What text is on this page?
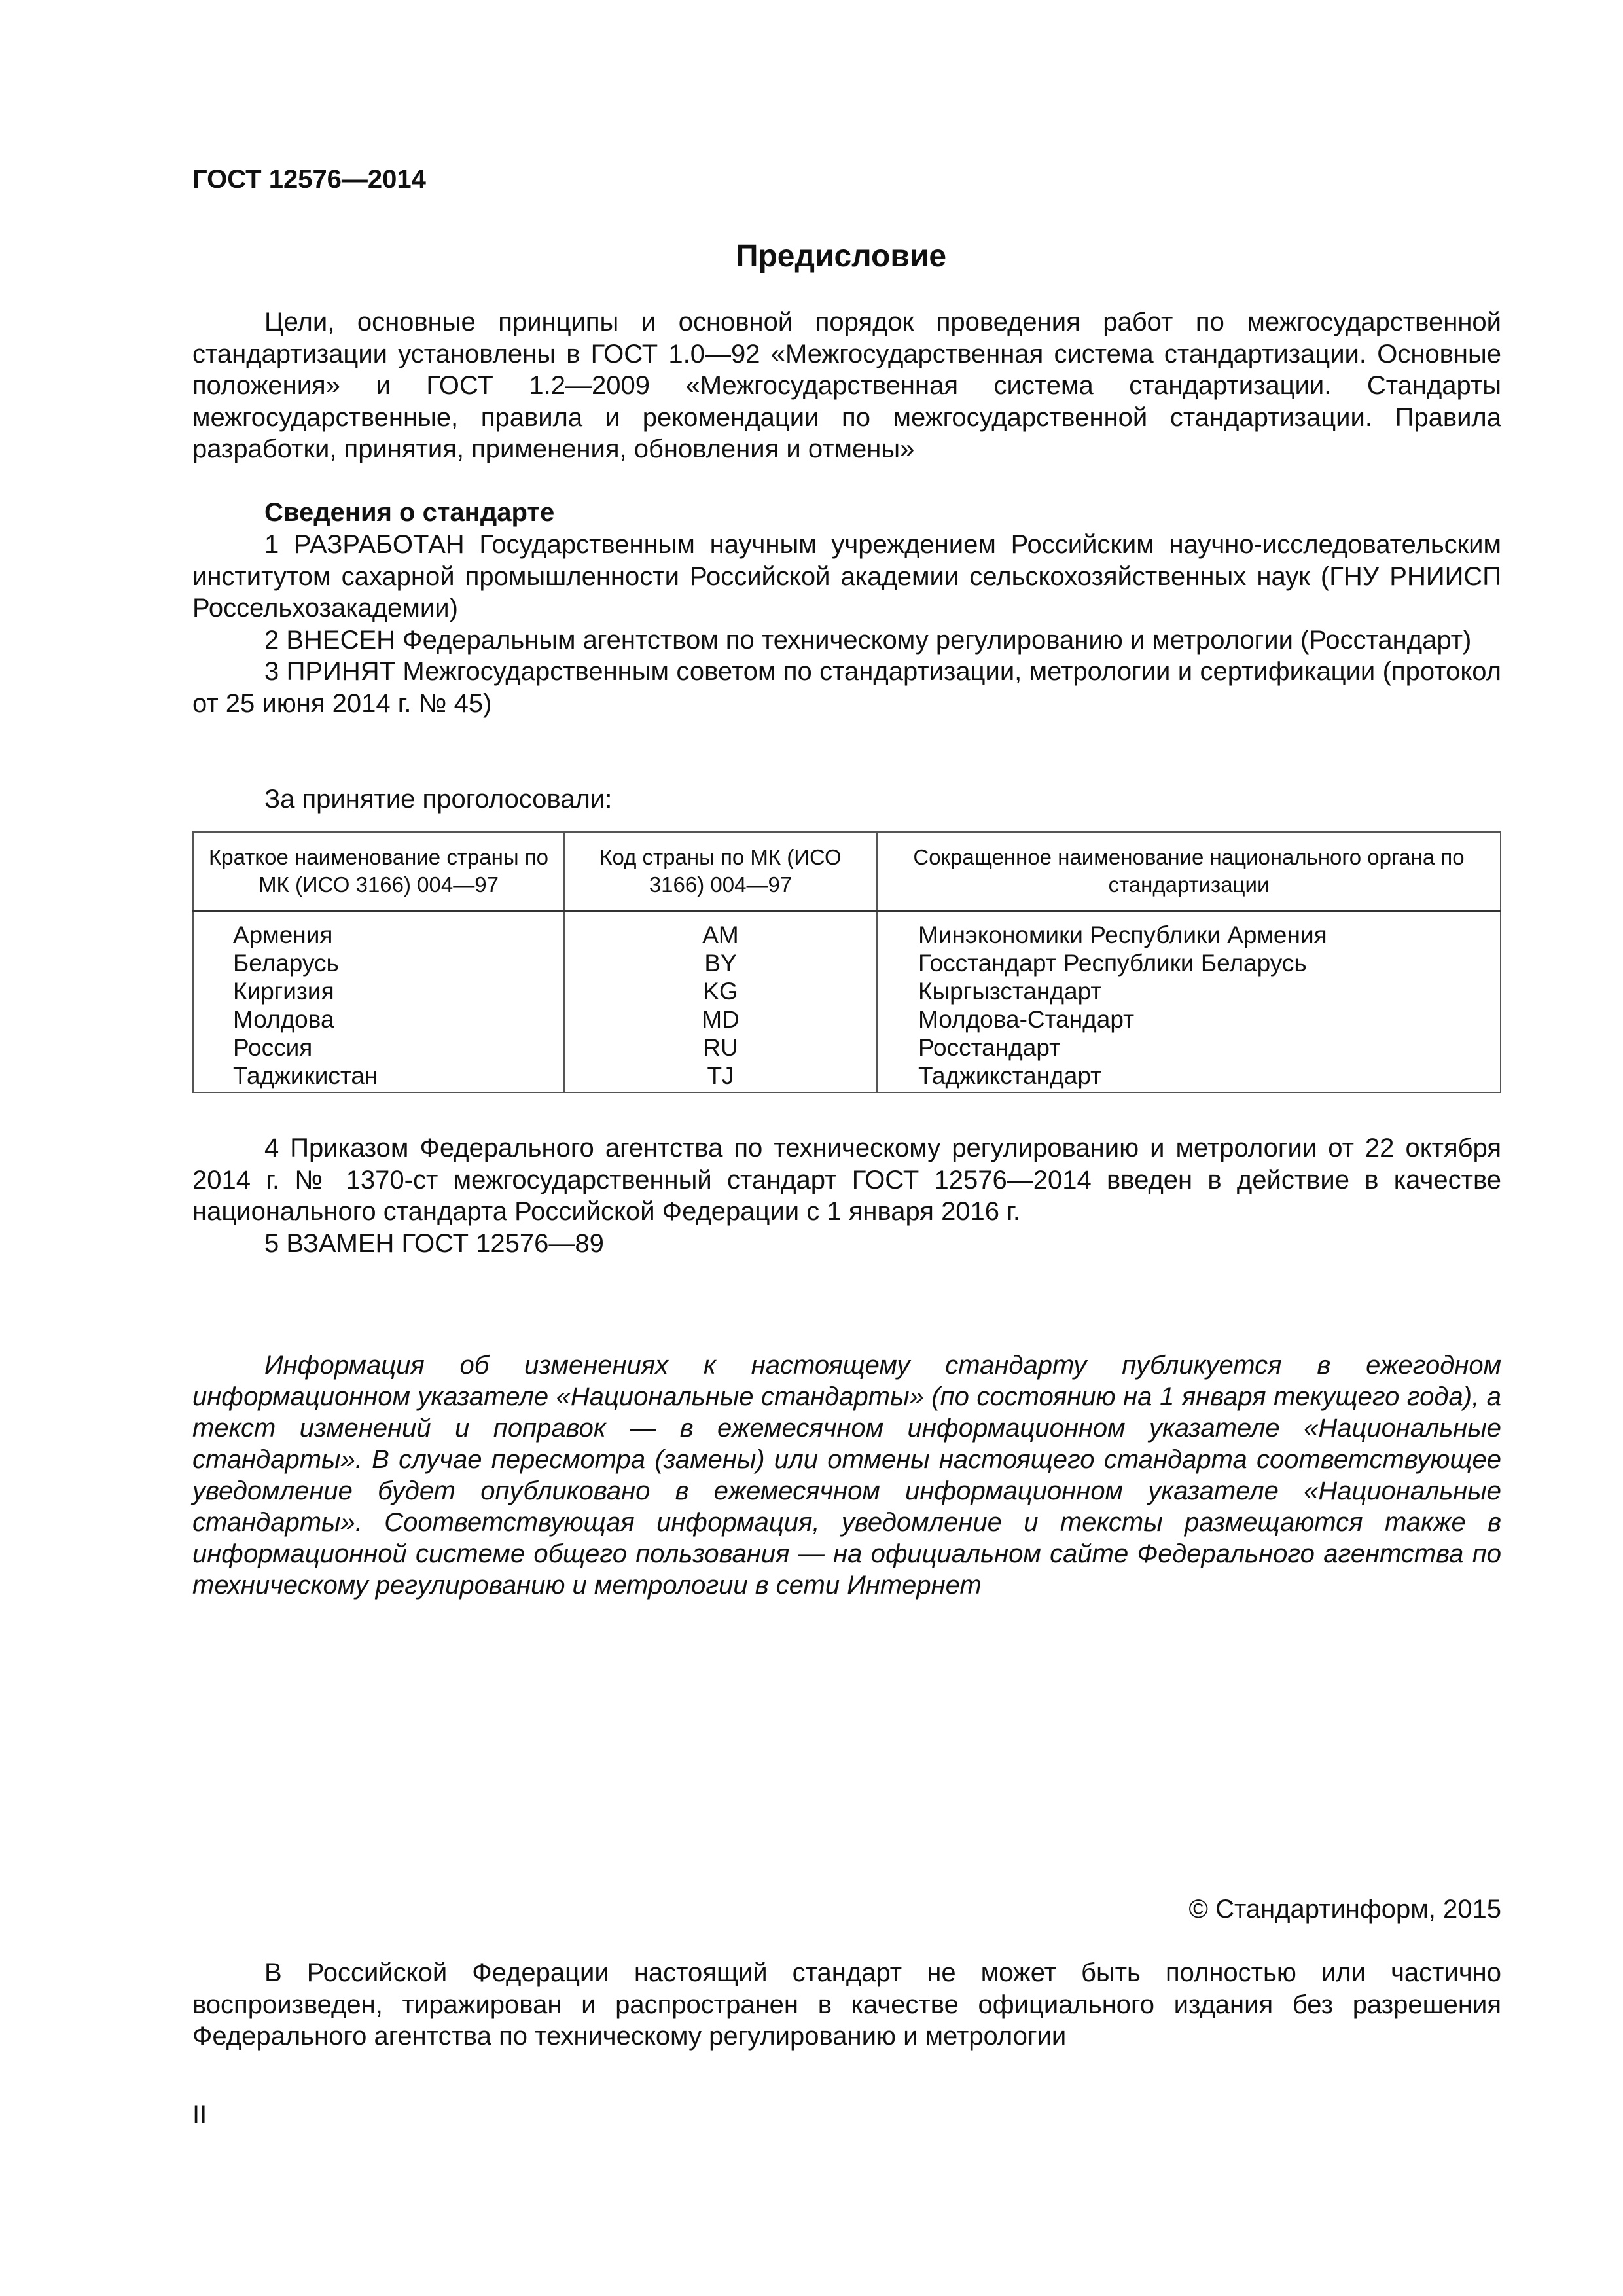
ГОСТ 12576—2014
Предисловие

Цели, основные принципы и основной порядок проведения работ по межгосударственной стандартизации установлены в ГОСТ 1.0—92 «Межгосударственная система стандартизации. Основные положения» и ГОСТ 1.2—2009 «Межгосударственная система стандартизации. Стандарты межгосударственные, правила и рекомендации по межгосударственной стандартизации. Правила разработки, принятия, применения, обновления и отмены»

Сведения о стандарте

1 РАЗРАБОТАН Государственным научным учреждением Российским научно-исследовательским институтом сахарной промышленности Российской академии сельскохозяйственных наук (ГНУ РНИИСП Россельхозакадемии)

2 ВНЕСЕН Федеральным агентством по техническому регулированию и метрологии (Росстандарт)

3 ПРИНЯТ Межгосударственным советом по стандартизации, метрологии и сертификации (протокол от 25 июня 2014 г. № 45)

За принятие проголосовали:
Краткое наименование страны по МК (ИСО 3166) 004—97	Код страны по МК (ИСО 3166) 004—97	Сокращенное наименование национального органа по стандартизации
Армения	AM	Минэкономики Республики Армения
Беларусь	BY	Госстандарт Республики Беларусь
Киргизия	KG	Кыргызстандарт
Молдова	MD	Молдова-Стандарт
Россия	RU	Росстандарт
Таджикистан	TJ	Таджикстандарт

4 Приказом Федерального агентства по техническому регулированию и метрологии от 22 октября 2014 г. № 1370-ст межгосударственный стандарт ГОСТ 12576—2014 введен в действие в качестве национального стандарта Российской Федерации с 1 января 2016 г.

5 ВЗАМЕН ГОСТ 12576—89

Информация об изменениях к настоящему стандарту публикуется в ежегодном информационном указателе «Национальные стандарты» (по состоянию на 1 января текущего года), а текст изменений и поправок — в ежемесячном информационном указателе «Национальные стандарты». В случае пересмотра (замены) или отмены настоящего стандарта соответствующее уведомление будет опубликовано в ежемесячном информационном указателе «Национальные стандарты». Соответствующая информация, уведомление и тексты размещаются также в информационной системе общего пользования — на официальном сайте Федерального агентства по техническому регулированию и метрологии в сети Интернет

© Стандартинформ, 2015

В Российской Федерации настоящий стандарт не может быть полностью или частично воспроизведен, тиражирован и распространен в качестве официального издания без разрешения Федерального агентства по техническому регулированию и метрологии

II
